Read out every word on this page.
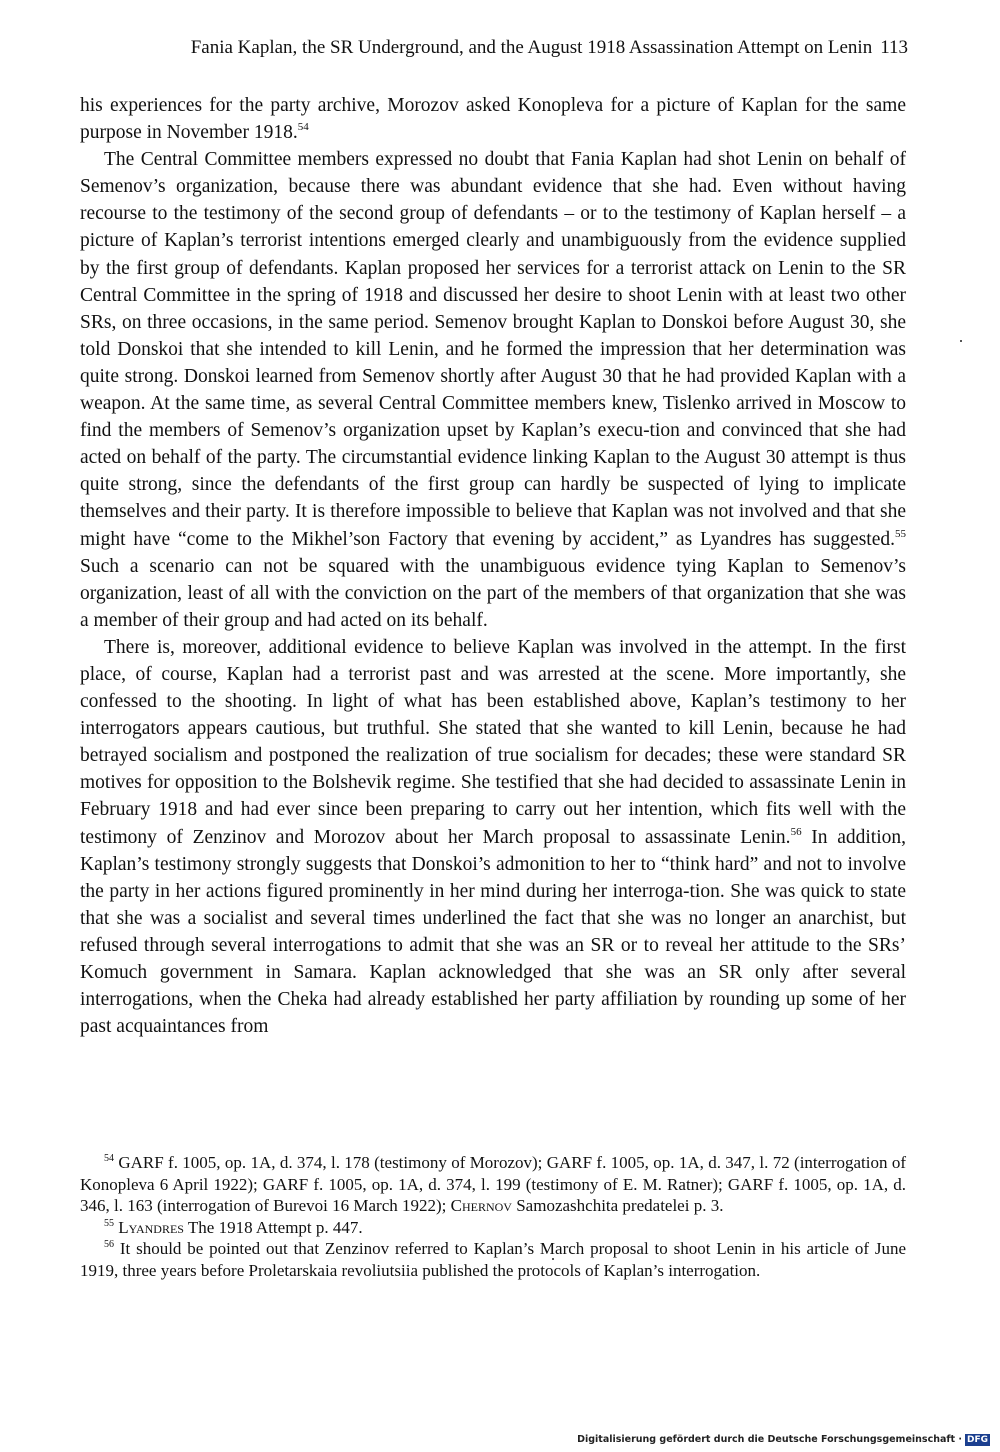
Fania Kaplan, the SR Underground, and the August 1918 Assassination Attempt on Lenin 113

his experiences for the party archive, Morozov asked Konopleva for a picture of Kaplan for the same purpose in November 1918.54

The Central Committee members expressed no doubt that Fania Kaplan had shot Lenin on behalf of Semenov’s organization, because there was abundant evidence that she had. Even without having recourse to the testimony of the second group of defendants – or to the testimony of Kaplan herself – a picture of Kaplan’s terrorist intentions emerged clearly and unambiguously from the evidence supplied by the first group of defendants. Kaplan proposed her services for a terrorist attack on Lenin to the SR Central Committee in the spring of 1918 and discussed her desire to shoot Lenin with at least two other SRs, on three occasions, in the same period. Semenov brought Kaplan to Donskoi before August 30, she told Donskoi that she intended to kill Lenin, and he formed the impression that her determination was quite strong. Donskoi learned from Semenov shortly after August 30 that he had provided Kaplan with a weapon. At the same time, as several Central Committee members knew, Tislenko arrived in Moscow to find the members of Semenov’s organization upset by Kaplan’s execu-tion and convinced that she had acted on behalf of the party. The circumstantial evidence linking Kaplan to the August 30 attempt is thus quite strong, since the defendants of the first group can hardly be suspected of lying to implicate themselves and their party. It is therefore impossible to believe that Kaplan was not involved and that she might have “come to the Mikhel’son Factory that evening by accident,” as Lyandres has suggested.$^{55}$ Such a scenario can not be squared with the unambiguous evidence tying Kaplan to Semenov’s organization, least of all with the conviction on the part of the members of that organization that she was a member of their group and had acted on its behalf.

There is, moreover, additional evidence to believe Kaplan was involved in the attempt. In the first place, of course, Kaplan had a terrorist past and was arrested at the scene. More importantly, she confessed to the shooting. In light of what has been established above, Kaplan’s testimony to her interrogators appears cautious, but truthful. She stated that she wanted to kill Lenin, because he had betrayed socialism and postponed the realization of true socialism for decades; these were standard SR motives for opposition to the Bolshevik regime. She testified that she had decided to assassinate Lenin in February 1918 and had ever since been preparing to carry out her intention, which fits well with the testimony of Zenzinov and Morozov about her March proposal to assassinate Lenin.$^{56}$ In addition, Kaplan’s testimony strongly suggests that Donskoi’s admonition to her to “think hard” and not to involve the party in her actions figured prominently in her mind during her interroga-tion. She was quick to state that she was a socialist and several times underlined the fact that she was no longer an anarchist, but refused through several interrogations to admit that she was an SR or to reveal her attitude to the SRs’ Komuch government in Samara. Kaplan acknowledged that she was an SR only after several interrogations, when the Cheka had already established her party affiliation by rounding up some of her past acquaintances from

$^{54}$ GARF f. 1005, op. 1A, d. 374, l. 178 (testimony of Morozov); GARF f. 1005, op. 1A, d. 347, l. 72 (interrogation of Konopleva 6 April 1922); GARF f. 1005, op. 1A, d. 374, l. 199 (testimony of E. M. Ratner); GARF f. 1005, op. 1A, d. 346, l. 163 (interrogation of Burevoi 16 March 1922); Chernov Samozashchita predatelei p. 3.

$^{55}$ Lyandres The 1918 Attempt p. 447.

$^{56}$ It should be pointed out that Zenzinov referred to Kaplan’s March proposal to shoot Lenin in his article of June 1919, three years before Proletarskaia revoliutsiia published the protocols of Kaplan’s interrogation.

Digitalisierung gefördert durch die Deutsche Forschungsgemeinschaft · DFG
